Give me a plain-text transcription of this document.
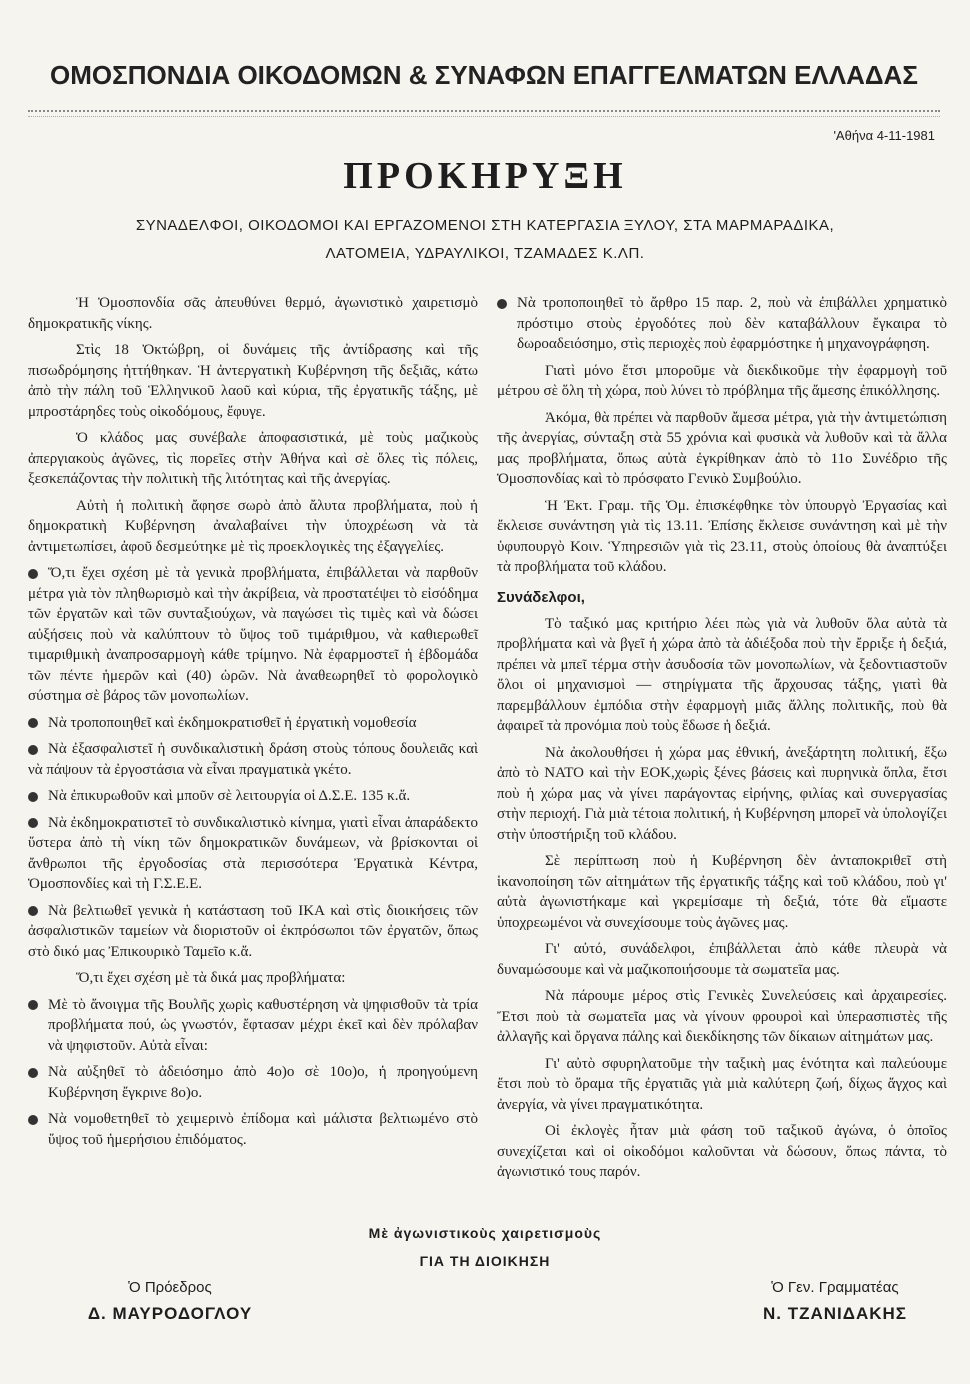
ΟΜΟΣΠΟΝΔΙΑ ΟΙΚΟΔΟΜΩΝ & ΣΥΝΑΦΩΝ ΕΠΑΓΓΕΛΜΑΤΩΝ ΕΛΛΑΔΑΣ
'Αθήνα 4-11-1981
ΠΡΟΚΗΡΥΞΗ
ΣΥΝΑΔΕΛΦΟΙ, ΟΙΚΟΔΟΜΟΙ ΚΑΙ ΕΡΓΑΖΟΜΕΝΟΙ ΣΤΗ ΚΑΤΕΡΓΑΣΙΑ ΞΥΛΟΥ, ΣΤΑ ΜΑΡΜΑΡΑΔΙΚΑ,
ΛΑΤΟΜΕΙΑ, ΥΔΡΑΥΛΙΚΟΙ, ΤΖΑΜΑΔΕΣ Κ.ΛΠ.

Ἡ Ὁμοσπονδία σᾶς ἀπευθύνει θερμό, ἀγωνιστικὸ χαιρετισμὸ δημοκρατικῆς νίκης.

Στὶς 18 Ὀκτώβρη, οἱ δυνάμεις τῆς ἀντίδρασης καὶ τῆς πισωδρόμησης ἡττήθηκαν. Ἡ ἀντεργατικὴ Κυβέρνηση τῆς δεξιᾶς, κάτω ἀπὸ τὴν πάλη τοῦ Ἑλληνικοῦ λαοῦ καὶ κύρια, τῆς ἐργατικῆς τάξης, μὲ μπροστάρηδες τοὺς οἰκοδόμους, ἔφυγε.

Ὁ κλάδος μας συνέβαλε ἀποφασιστικά, μὲ τοὺς μαζικοὺς ἀπεργιακοὺς ἀγῶνες, τὶς πορεῖες στὴν Ἀθήνα καὶ σὲ ὅλες τὶς πόλεις, ξεσκεπάζοντας τὴν πολιτικὴ τῆς λιτότητας καὶ τῆς ἀνεργίας.

Αὐτὴ ἡ πολιτικὴ ἄφησε σωρὸ ἀπὸ ἄλυτα προβλήματα, ποὺ ἡ δημοκρατικὴ Κυβέρνηση ἀναλαβαίνει τὴν ὑποχρέωση νὰ τὰ ἀντιμετωπίσει, ἀφοῦ δεσμεύτηκε μὲ τὶς προεκλογικὲς της ἐξαγγελίες.

Ὅ,τι ἔχει σχέση μὲ τὰ γενικὰ προβλήματα, ἐπιβάλλεται νὰ παρθοῦν μέτρα γιὰ τὸν πληθωρισμὸ καὶ τὴν ἀκρίβεια, νὰ προστατέψει τὸ εἰσόδημα τῶν ἐργατῶν καὶ τῶν συνταξιούχων, νὰ παγώσει τὶς τιμὲς καὶ νὰ δώσει αὐξήσεις ποὺ νὰ καλύπτουν τὸ ὕψος τοῦ τιμάριθμου, νὰ καθιερωθεῖ τιμαριθμικὴ ἀναπροσαρμογὴ κάθε τρίμηνο. Νὰ ἐφαρμοστεῖ ἡ ἑβδομάδα τῶν πέντε ἡμερῶν καὶ (40) ὡρῶν. Νὰ ἀναθεωρηθεῖ τὸ φορολογικὸ σύστημα σὲ βάρος τῶν μονοπωλίων.

Νὰ τροποποιηθεῖ καὶ ἐκδημοκρατισθεῖ ἡ ἐργατικὴ νομοθεσία

Νὰ ἐξασφαλιστεῖ ἡ συνδικαλιστικὴ δράση στοὺς τόπους δουλειᾶς καὶ νὰ πάψουν τὰ ἐργοστάσια νὰ εἶναι πραγματικὰ γκέτο.

Νὰ ἐπικυρωθοῦν καὶ μποῦν σὲ λειτουργία οἱ Δ.Σ.Ε. 135 κ.ἄ.

Νὰ ἐκδημοκρατιστεῖ τὸ συνδικαλιστικὸ κίνημα, γιατὶ εἶναι ἀπαράδεκτο ὕστερα ἀπὸ τὴ νίκη τῶν δημοκρατικῶν δυνάμεων, νὰ βρίσκονται οἱ ἄνθρωποι τῆς ἐργοδοσίας στὰ περισσότερα Ἐργατικὰ Κέντρα, Ὁμοσπονδίες καὶ τὴ Γ.Σ.Ε.Ε.

Νὰ βελτιωθεῖ γενικὰ ἡ κατάσταση τοῦ ΙΚΑ καὶ στὶς διοικήσεις τῶν ἀσφαλιστικῶν ταμείων νὰ διοριστοῦν οἱ ἐκπρόσωποι τῶν ἐργατῶν, ὅπως στὸ δικό μας Ἐπικουρικὸ Ταμεῖο κ.ἄ.

Ὅ,τι ἔχει σχέση μὲ τὰ δικά μας προβλήματα:

Μὲ τὸ ἄνοιγμα τῆς Βουλῆς χωρὶς καθυστέρηση νὰ ψηφισθοῦν τὰ τρία προβλήματα πού, ὡς γνωστόν, ἔφτασαν μέχρι ἐκεῖ καὶ δὲν πρόλαβαν νὰ ψηφιστοῦν. Αὐτὰ εἶναι:

Νὰ αὐξηθεῖ τὸ ἀδειόσημο ἀπὸ 4ο)ο σὲ 10ο)ο, ἡ προηγούμενη Κυβέρνηση ἔγκρινε 8ο)ο.

Νὰ νομοθετηθεῖ τὸ χειμερινὸ ἐπίδομα καὶ μάλιστα βελτιωμένο στὸ ὕψος τοῦ ἡμερήσιου ἐπιδόματος.

Νὰ τροποποιηθεῖ τὸ ἄρθρο 15 παρ. 2, ποὺ νὰ ἐπιβάλλει χρηματικὸ πρόστιμο στοὺς ἐργοδότες ποὺ δὲν καταβάλλουν ἔγκαιρα τὸ δωροαδειόσημο, στὶς περιοχὲς ποὺ ἐφαρμόστηκε ἡ μηχανογράφηση.

Γιατὶ μόνο ἔτσι μποροῦμε νὰ διεκδικοῦμε τὴν ἐφαρμογὴ τοῦ μέτρου σὲ ὅλη τὴ χώρα, ποὺ λύνει τὸ πρόβλημα τῆς ἄμεσης ἐπικόλλησης.

Ἀκόμα, θὰ πρέπει νὰ παρθοῦν ἄμεσα μέτρα, γιὰ τὴν ἀντιμετώπιση τῆς ἀνεργίας, σύνταξη στὰ 55 χρόνια καὶ φυσικὰ νὰ λυθοῦν καὶ τὰ ἄλλα μας προβλήματα, ὅπως αὐτὰ ἐγκρίθηκαν ἀπὸ τὸ 11ο Συνέδριο τῆς Ὁμοσπονδίας καὶ τὸ πρόσφατο Γενικὸ Συμβούλιο.

Ἡ Ἐκτ. Γραμ. τῆς Ὁμ. ἐπισκέφθηκε τὸν ὑπουργὸ Ἐργασίας καὶ ἔκλεισε συνάντηση γιὰ τὶς 13.11. Ἐπίσης ἔκλεισε συνάντηση καὶ μὲ τὴν ὑφυπουργὸ Κοιν. Ὑπηρεσιῶν γιὰ τὶς 23.11, στοὺς ὁποίους θὰ ἀναπτύξει τὰ προβλήματα τοῦ κλάδου.

Συνάδελφοι,

Τὸ ταξικό μας κριτήριο λέει πὼς γιὰ νὰ λυθοῦν ὅλα αὐτὰ τὰ προβλήματα καὶ νὰ βγεῖ ἡ χώρα ἀπὸ τὰ ἀδιέξοδα ποὺ τὴν ἔρριξε ἡ δεξιά, πρέπει νὰ μπεῖ τέρμα στὴν ἀσυδοσία τῶν μονοπωλίων, νὰ ξεδοντιαστοῦν ὅλοι οἱ μηχανισμοὶ — στηρίγματα τῆς ἄρχουσας τάξης, γιατὶ θὰ παρεμβάλλουν ἐμπόδια στὴν ἐφαρμογὴ μιᾶς ἄλλης πολιτικῆς, ποὺ θὰ ἀφαιρεῖ τὰ προνόμια ποὺ τοὺς ἔδωσε ἡ δεξιά.

Νὰ ἀκολουθήσει ἡ χώρα μας ἐθνική, ἀνεξάρτητη πολιτική, ἔξω ἀπὸ τὸ ΝΑΤΟ καὶ τὴν ΕΟΚ,χωρὶς ξένες βάσεις καὶ πυρηνικὰ ὅπλα, ἔτσι ποὺ ἡ χώρα μας νὰ γίνει παράγοντας εἰρήνης, φιλίας καὶ συνεργασίας στὴν περιοχή. Γιὰ μιὰ τέτοια πολιτική, ἡ Κυβέρνηση μπορεῖ νὰ ὑπολογίζει στὴν ὑποστήριξη τοῦ κλάδου.

Σὲ περίπτωση ποὺ ἡ Κυβέρνηση δὲν ἀνταποκριθεῖ στὴ ἱκανοποίηση τῶν αἰτημάτων τῆς ἐργατικῆς τάξης καὶ τοῦ κλάδου, ποὺ γι' αὐτὰ ἀγωνιστήκαμε καὶ γκρεμίσαμε τὴ δεξιά, τότε θὰ εἴμαστε ὑποχρεωμένοι νὰ συνεχίσουμε τοὺς ἀγῶνες μας.

Γι' αὐτό, συνάδελφοι, ἐπιβάλλεται ἀπὸ κάθε πλευρὰ νὰ δυναμώσουμε καὶ νὰ μαζικοποιήσουμε τὰ σωματεῖα μας.

Νὰ πάρουμε μέρος στὶς Γενικὲς Συνελεύσεις καὶ ἀρχαιρεσίες. Ἔτσι ποὺ τὰ σωματεῖα μας νὰ γίνουν φρουροὶ καὶ ὑπερασπιστὲς τῆς ἀλλαγῆς καὶ ὄργανα πάλης καὶ διεκδίκησης τῶν δίκαιων αἰτημάτων μας.

Γι' αὐτὸ σφυρηλατοῦμε τὴν ταξικὴ μας ἑνότητα καὶ παλεύουμε ἔτσι ποὺ τὸ ὅραμα τῆς ἐργατιᾶς γιὰ μιὰ καλύτερη ζωή, δίχως ἄγχος καὶ ἀνεργία, νὰ γίνει πραγματικότητα.

Οἱ ἐκλογὲς ἦταν μιὰ φάση τοῦ ταξικοῦ ἀγώνα, ὁ ὁποῖος συνεχίζεται καὶ οἱ οἰκοδόμοι καλοῦνται νὰ δώσουν, ὅπως πάντα, τὸ ἀγωνιστικό τους παρόν.

Μὲ ἀγωνιστικοὺς χαιρετισμοὺς
ΓΙΑ ΤΗ ΔΙΟΙΚΗΣΗ
Ὁ Πρόεδρος
Δ. ΜΑΥΡΟΔΟΓΛΟΥ
Ὁ Γεν. Γραμματέας
Ν. ΤΖΑΝΙΔΑΚΗΣ
